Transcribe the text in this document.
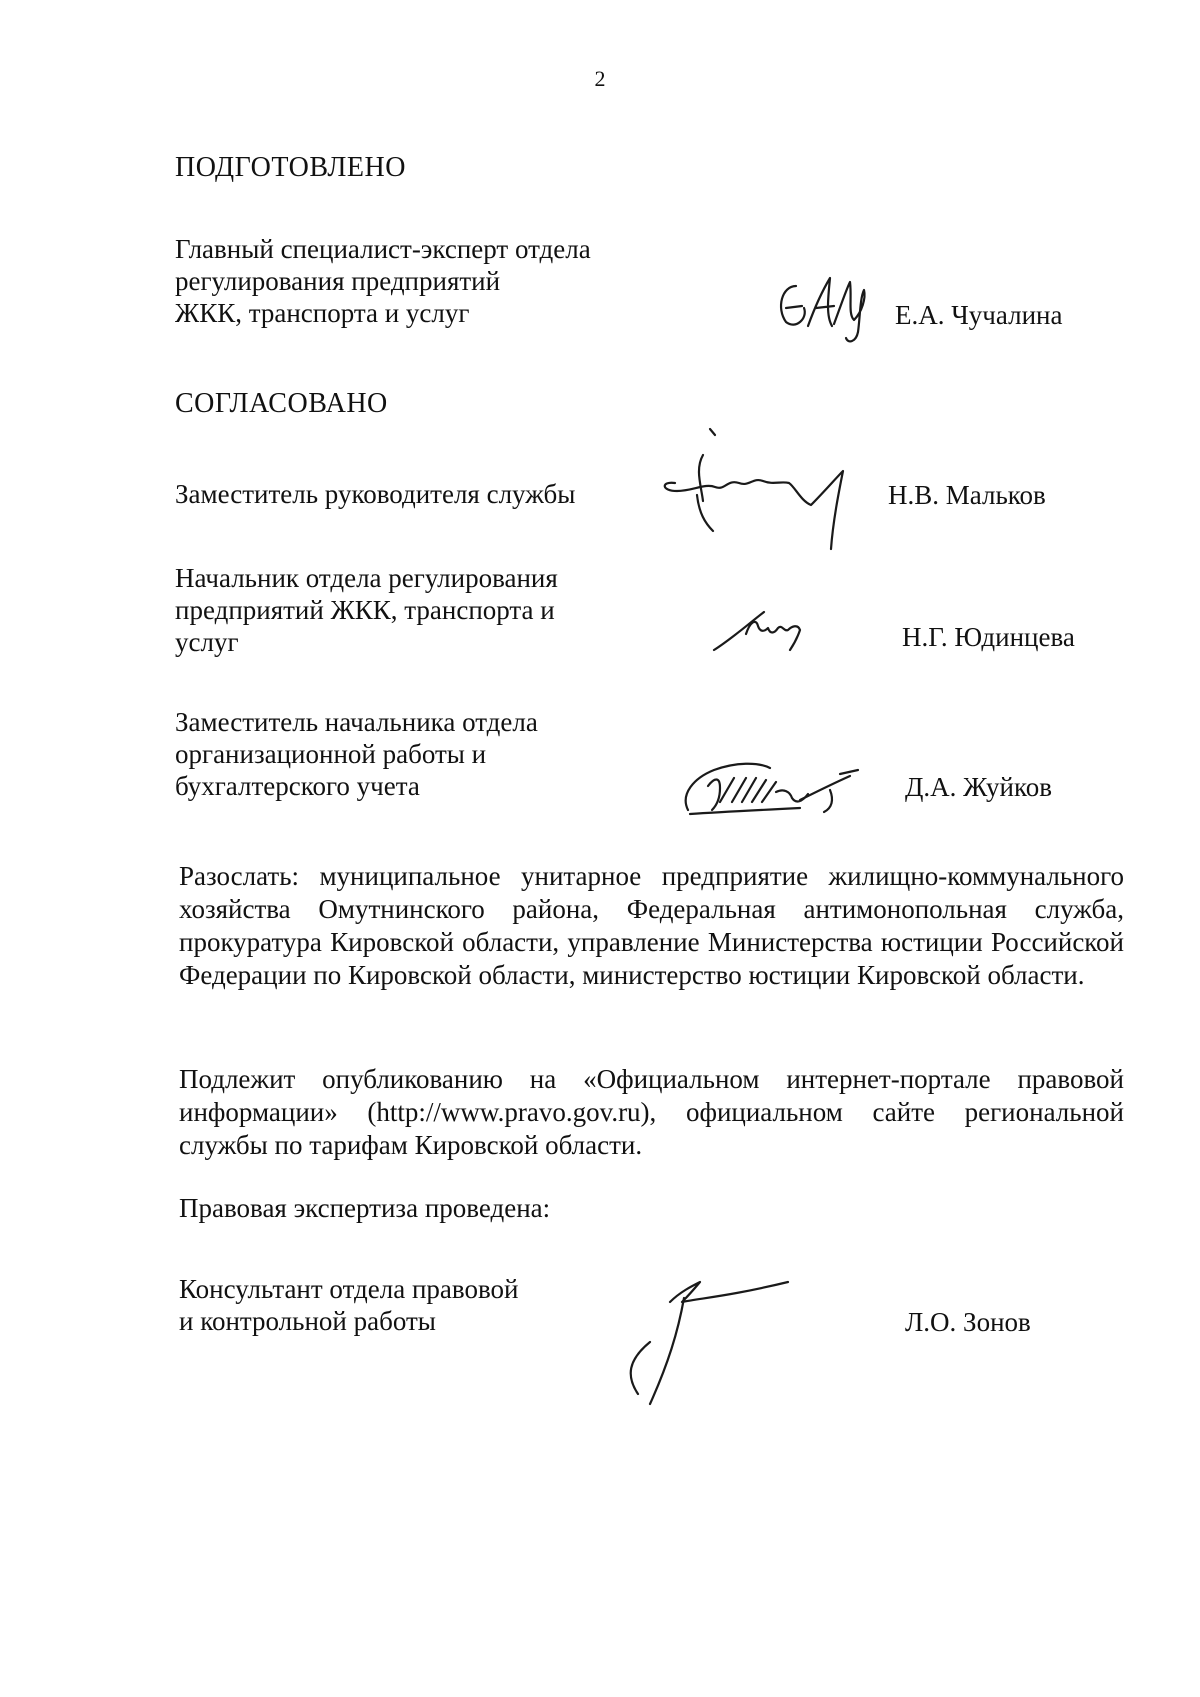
2
ПОДГОТОВЛЕНО
Главный специалист-эксперт отдела
регулирования предприятий
ЖКК, транспорта и услуг	Е.А. Чучалина
СОГЛАСОВАНО
Заместитель руководителя службы	Н.В. Мальков
Начальник отдела регулирования
предприятий ЖКК, транспорта и
услуг	Н.Г. Юдинцева
Заместитель начальника отдела
организационной работы и
бухгалтерского учета	Д.А. Жуйков
Разослать: муниципальное унитарное предприятие жилищно-коммунального хозяйства Омутнинского района, Федеральная антимонопольная служба, прокуратура Кировской области, управление Министерства юстиции Российской Федерации по Кировской области, министерство юстиции Кировской области.
Подлежит опубликованию на «Официальном интернет-портале правовой информации» (http://www.pravo.gov.ru), официальном сайте региональной службы по тарифам Кировской области.
Правовая экспертиза проведена:
Консультант отдела правовой
и контрольной работы	Л.О. Зонов
